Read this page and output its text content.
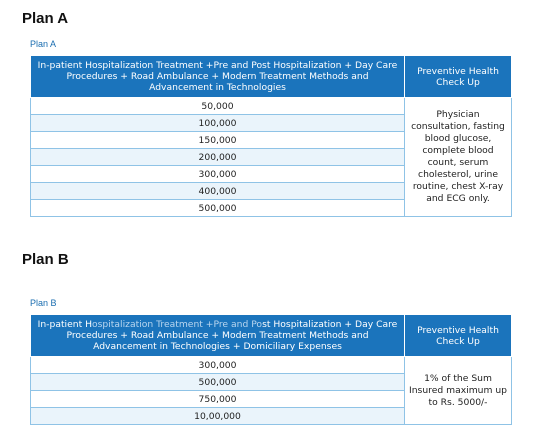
Plan A
Plan A
In-patient Hospitalization Treatment +Pre and Post Hospitalization + Day Care Procedures + Road Ambulance + Modern Treatment Methods and Advancement in Technologies	Preventive Health Check Up
50,000	Physician consultation, fasting blood glucose, complete blood count, serum cholesterol, urine routine, chest X-ray and ECG only.
100,000	
150,000	
200,000	
300,000	
400,000	
500,000	
Plan B
Plan B
In-patient Hospitalization Treatment +Pre and Post Hospitalization + Day Care Procedures + Road Ambulance + Modern Treatment Methods and Advancement in Technologies + Domiciliary Expenses	Preventive Health Check Up
300,000	1% of the Sum Insured maximum up to Rs. 5000/-
500,000	
750,000	
10,00,000	
